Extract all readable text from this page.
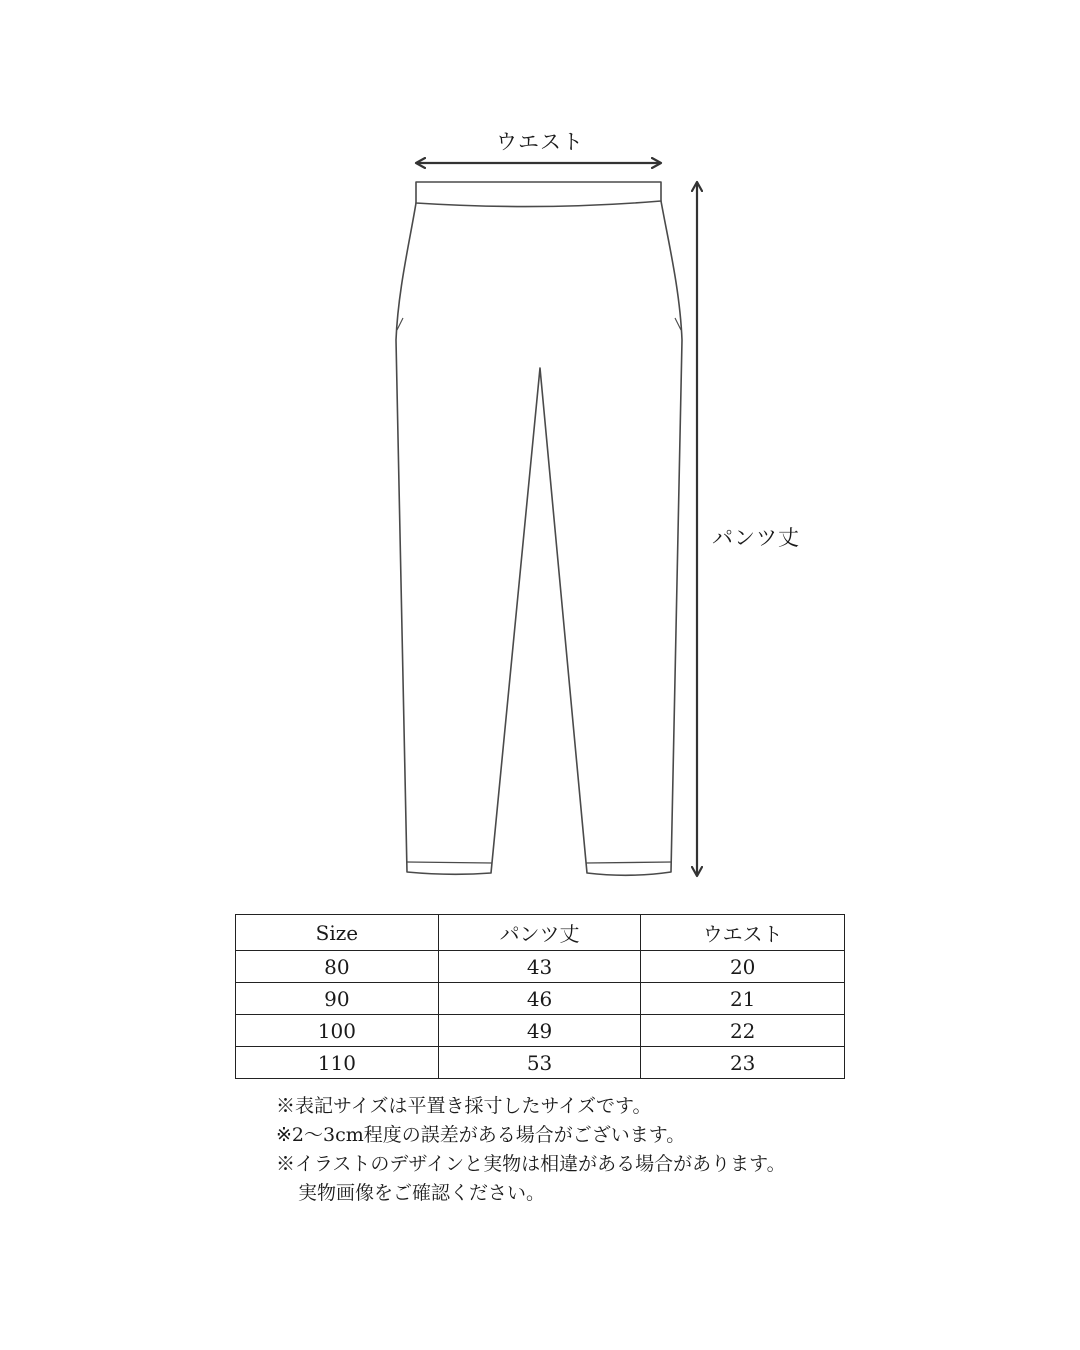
ウエスト
パンツ丈
Size	パンツ丈	ウエスト
80	43	20
90	46	21
100	49	22
110	53	23
※表記サイズは平置き採寸したサイズです。
※2～3cm程度の誤差がある場合がございます。
※イラストのデザインと実物は相違がある場合があります。
実物画像をご確認ください。
